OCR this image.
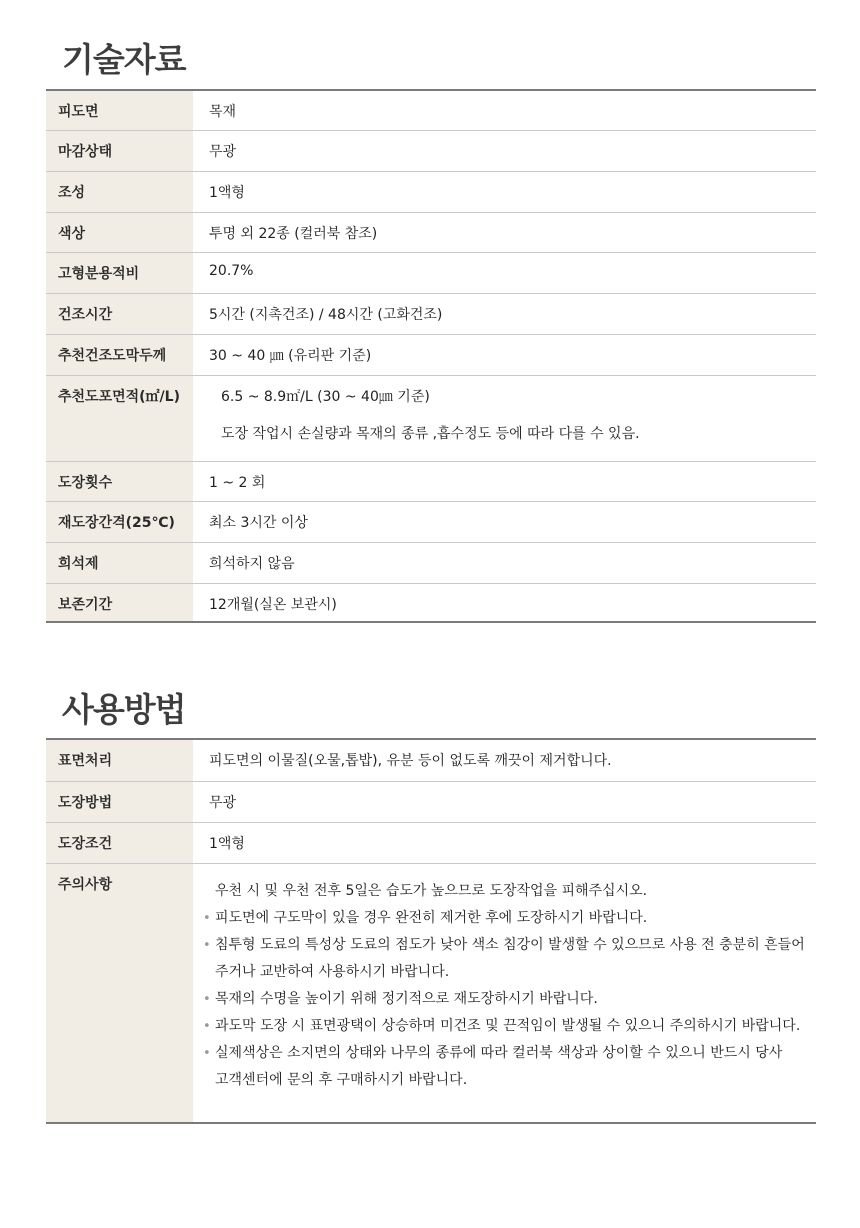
기술자료
피도면	목재
마감상태	무광
조성	1액형
색상	투명 외 22종 (컬러북 참조)
고형분용적비	20.7%
건조시간	5시간 (지촉건조) / 48시간 (고화건조)
추천건조도막두께	30 ~ 40 ㎛ (유리판 기준)
추천도포면적(㎡/L)	6.5 ~ 8.9㎡/L (30 ~ 40㎛ 기준)
도장 작업시 손실량과 목재의 종류 ,흡수정도 등에 따라 다를 수 있음.
도장횟수	1 ~ 2 회
재도장간격(25℃)	최소 3시간 이상
희석제	희석하지 않음
보존기간	12개월(실온 보관시)
사용방법
표면처리	피도면의 이물질(오물,톱밥), 유분 등이 없도록 깨끗이 제거합니다.
도장방법	무광
도장조건	1액형
주의사항	우천 시 및 우천 전후 5일은 습도가 높으므로 도장작업을 피해주십시오.
• 피도면에 구도막이 있을 경우 완전히 제거한 후에 도장하시기 바랍니다.
• 침투형 도료의 특성상 도료의 점도가 낮아 색소 침강이 발생할 수 있으므로 사용 전 충분히 흔들어
주거나 교반하여 사용하시기 바랍니다.
• 목재의 수명을 높이기 위해 정기적으로 재도장하시기 바랍니다.
• 과도막 도장 시 표면광택이 상승하며 미건조 및 끈적임이 발생될 수 있으니 주의하시기 바랍니다.
• 실제색상은 소지면의 상태와 나무의 종류에 따라 컬러북 색상과 상이할 수 있으니 반드시 당사
고객센터에 문의 후 구매하시기 바랍니다.
